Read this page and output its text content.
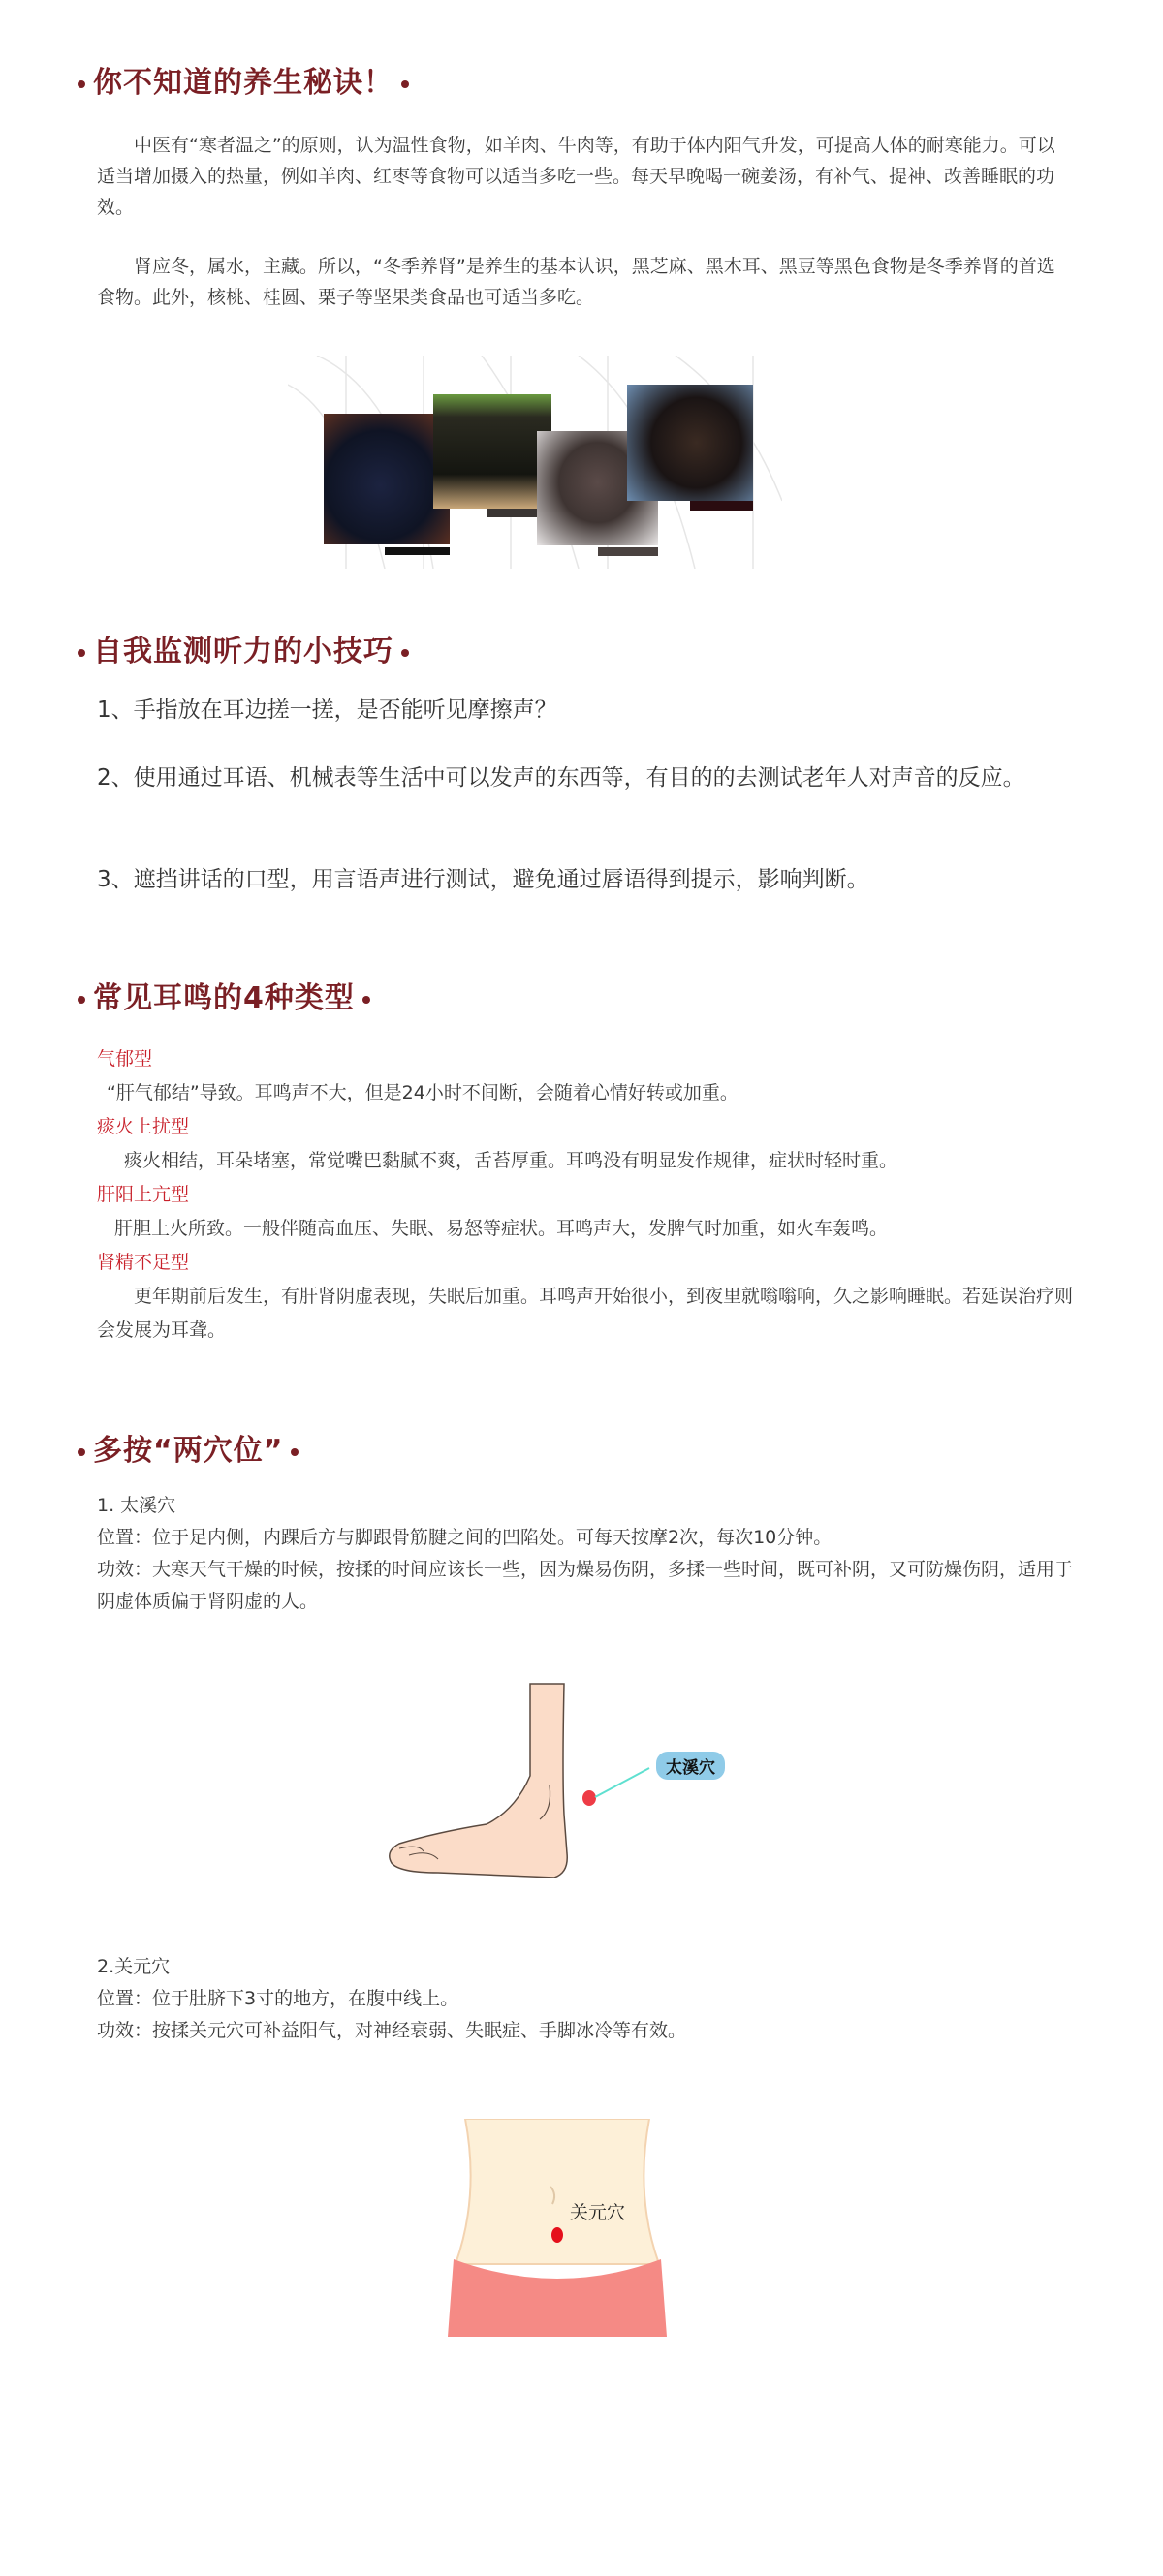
你不知道的养生秘诀！
中医有“寒者温之”的原则，认为温性食物，如羊肉、牛肉等，有助于体内阳气升发，可提高人体的耐寒能力。可以适当增加摄入的热量，例如羊肉、红枣等食物可以适当多吃一些。每天早晚喝一碗姜汤，有补气、提神、改善睡眠的功效。
肾应冬，属水，主藏。所以，“冬季养肾”是养生的基本认识，黑芝麻、黑木耳、黑豆等黑色食物是冬季养肾的首选食物。此外，核桃、桂圆、栗子等坚果类食品也可适当多吃。
自我监测听力的小技巧
1、手指放在耳边搓一搓，是否能听见摩擦声？
2、使用通过耳语、机械表等生活中可以发声的东西等，有目的的去测试老年人对声音的反应。
3、遮挡讲话的口型，用言语声进行测试，避免通过唇语得到提示，影响判断。
常见耳鸣的4种类型
气郁型
“肝气郁结”导致。耳鸣声不大，但是24小时不间断，会随着心情好转或加重。
痰火上扰型
痰火相结，耳朵堵塞，常觉嘴巴黏腻不爽，舌苔厚重。耳鸣没有明显发作规律，症状时轻时重。
肝阳上亢型
肝胆上火所致。一般伴随高血压、失眠、易怒等症状。耳鸣声大，发脾气时加重，如火车轰鸣。
肾精不足型
更年期前后发生，有肝肾阴虚表现，失眠后加重。耳鸣声开始很小，到夜里就嗡嗡响，久之影响睡眠。若延误治疗则会发展为耳聋。
多按“两穴位”
1. 太溪穴
位置：位于足内侧，内踝后方与脚跟骨筋腱之间的凹陷处。可每天按摩2次，每次10分钟。
功效：大寒天气干燥的时候，按揉的时间应该长一些，因为燥易伤阴，多揉一些时间，既可补阴，又可防燥伤阴，适用于阴虚体质偏于肾阴虚的人。
太溪穴
2.关元穴
位置：位于肚脐下3寸的地方，在腹中线上。
功效：按揉关元穴可补益阳气，对神经衰弱、失眠症、手脚冰冷等有效。
关元穴
